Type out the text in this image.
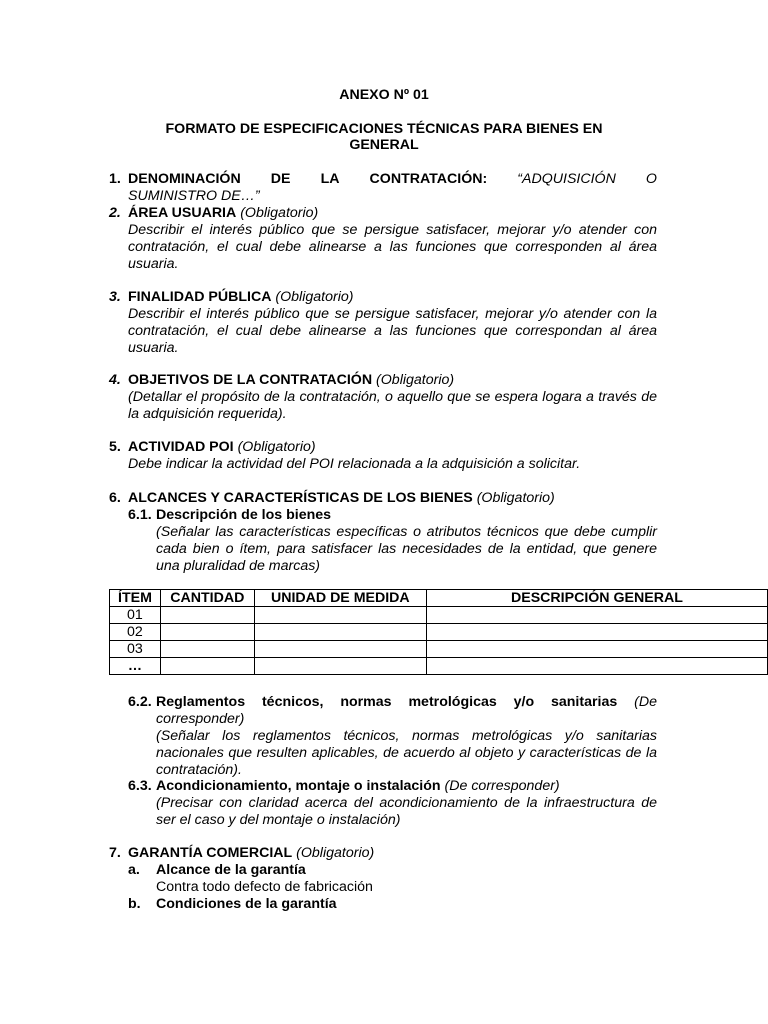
ANEXO Nº 01
FORMATO DE ESPECIFICACIONES TÉCNICAS PARA BIENES EN
GENERAL
1. DENOMINACIÓN DE LA CONTRATACIÓN: “ADQUISICIÓN O
SUMINISTRO DE…”
2. ÁREA USUARIA (Obligatorio)
Describir el interés público que se persigue satisfacer, mejorar y/o atender con contratación, el cual debe alinearse a las funciones que corresponden al área usuaria.
3. FINALIDAD PÚBLICA (Obligatorio)
Describir el interés público que se persigue satisfacer, mejorar y/o atender con la contratación, el cual debe alinearse a las funciones que correspondan al área usuaria.
4. OBJETIVOS DE LA CONTRATACIÓN (Obligatorio)
(Detallar el propósito de la contratación, o aquello que se espera logara a través de la adquisición requerida).
5. ACTIVIDAD POI (Obligatorio)
Debe indicar la actividad del POI relacionada a la adquisición a solicitar.
6. ALCANCES Y CARACTERÍSTICAS DE LOS BIENES (Obligatorio)
6.1. Descripción de los bienes
(Señalar las características específicas o atributos técnicos que debe cumplir cada bien o ítem, para satisfacer las necesidades de la entidad, que genere una pluralidad de marcas)
ÍTEM	CANTIDAD	UNIDAD DE MEDIDA	DESCRIPCIÓN GENERAL
01			
02			
03			
…			
6.2. Reglamentos técnicos, normas metrológicas y/o sanitarias (De corresponder)
(Señalar los reglamentos técnicos, normas metrológicas y/o sanitarias nacionales que resulten aplicables, de acuerdo al objeto y características de la contratación).
6.3. Acondicionamiento, montaje o instalación (De corresponder)
(Precisar con claridad acerca del acondicionamiento de la infraestructura de ser el caso y del montaje o instalación)
7. GARANTÍA COMERCIAL (Obligatorio)
a.	Alcance de la garantía
Contra todo defecto de fabricación
b.	Condiciones de la garantía
